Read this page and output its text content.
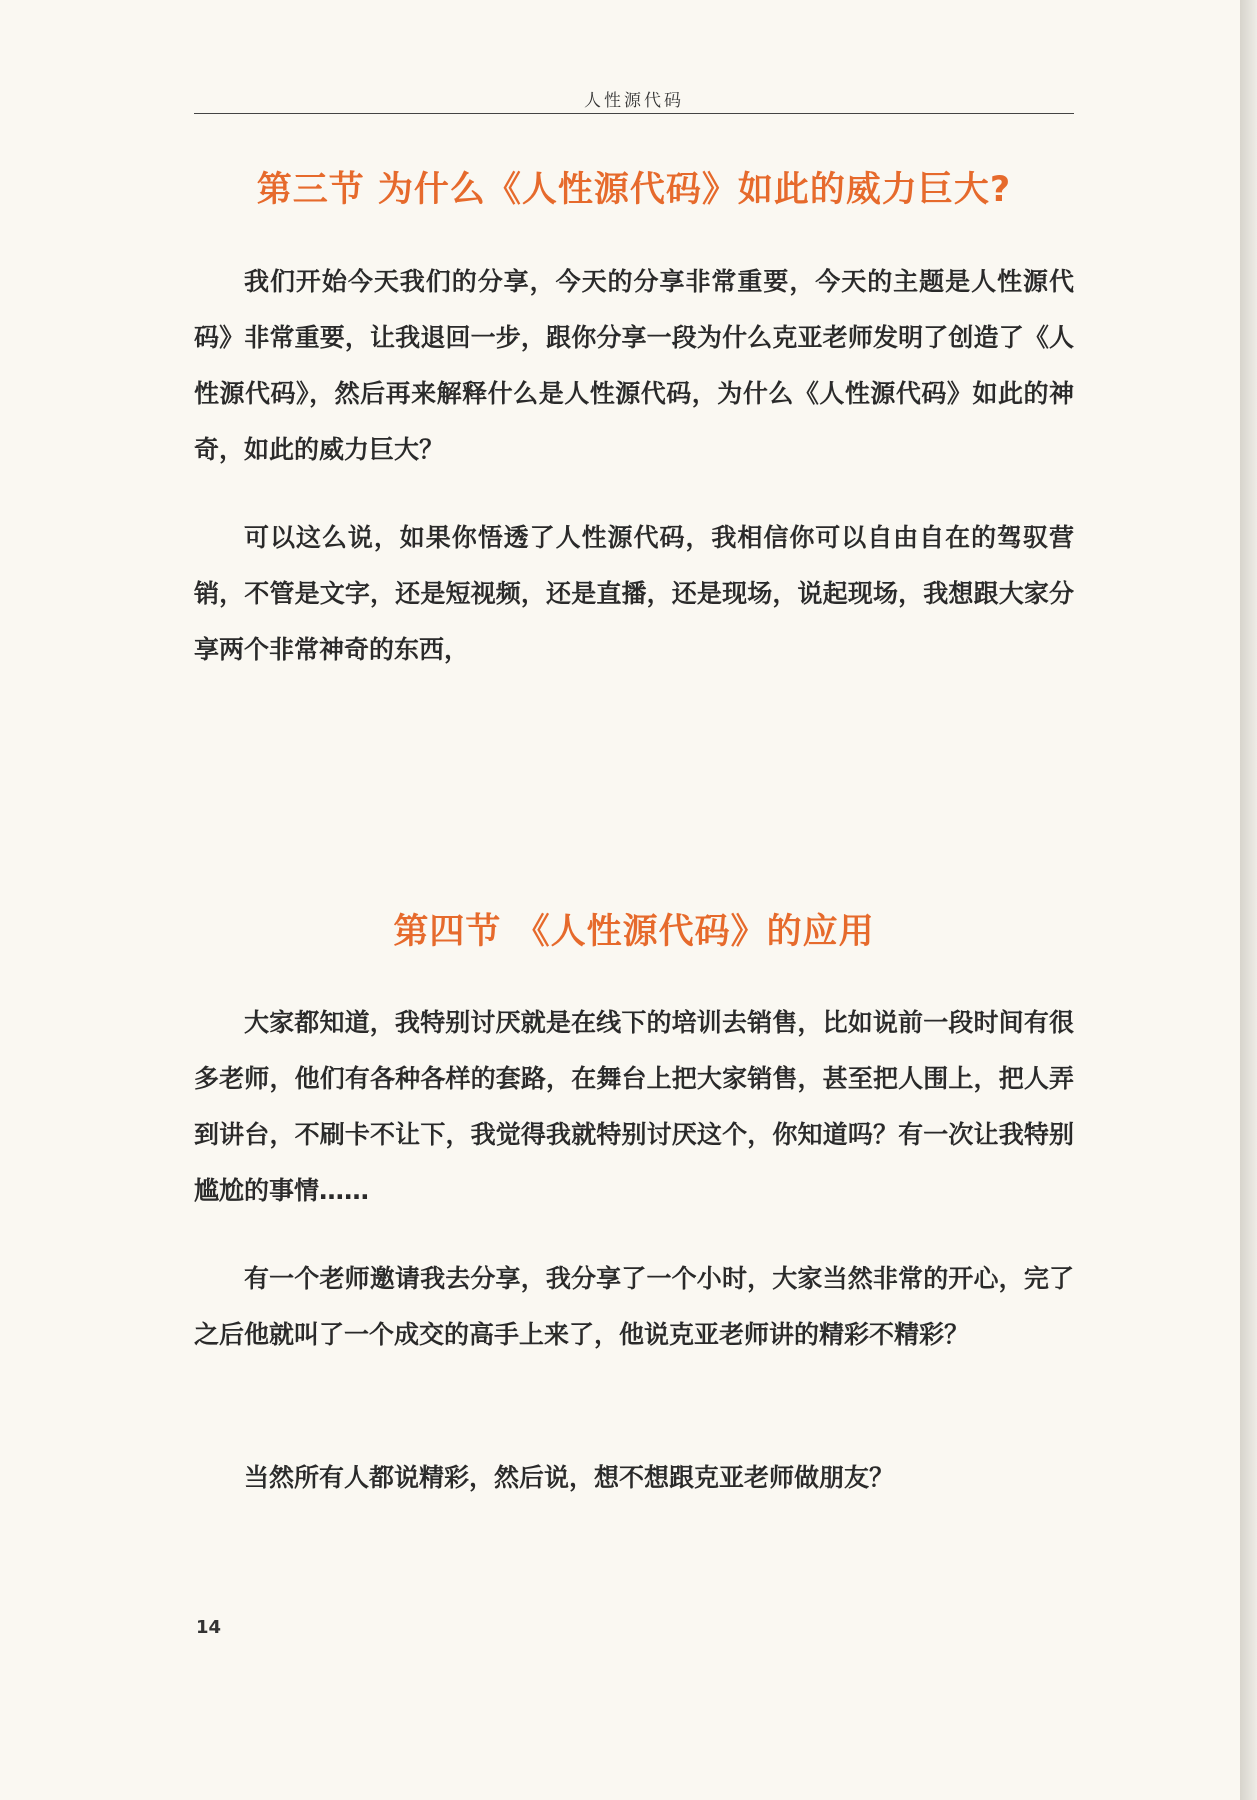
人性源代码
第三节 为什么《人性源代码》如此的威力巨大?

我们开始今天我们的分享，今天的分享非常重要，今天的主题是人性源代码》非常重要，让我退回一步，跟你分享一段为什么克亚老师发明了创造了《人性源代码》，然后再来解释什么是人性源代码，为什么《人性源代码》如此的神奇，如此的威力巨大？

可以这么说，如果你悟透了人性源代码，我相信你可以自由自在的驾驭营销，不管是文字，还是短视频，还是直播，还是现场，说起现场，我想跟大家分享两个非常神奇的东西，

第四节 《人性源代码》的应用

大家都知道，我特别讨厌就是在线下的培训去销售，比如说前一段时间有很多老师，他们有各种各样的套路，在舞台上把大家销售，甚至把人围上，把人弄到讲台，不刷卡不让下，我觉得我就特别讨厌这个，你知道吗？有一次让我特别尴尬的事情……

有一个老师邀请我去分享，我分享了一个小时，大家当然非常的开心，完了之后他就叫了一个成交的高手上来了，他说克亚老师讲的精彩不精彩？

当然所有人都说精彩，然后说，想不想跟克亚老师做朋友？

14
